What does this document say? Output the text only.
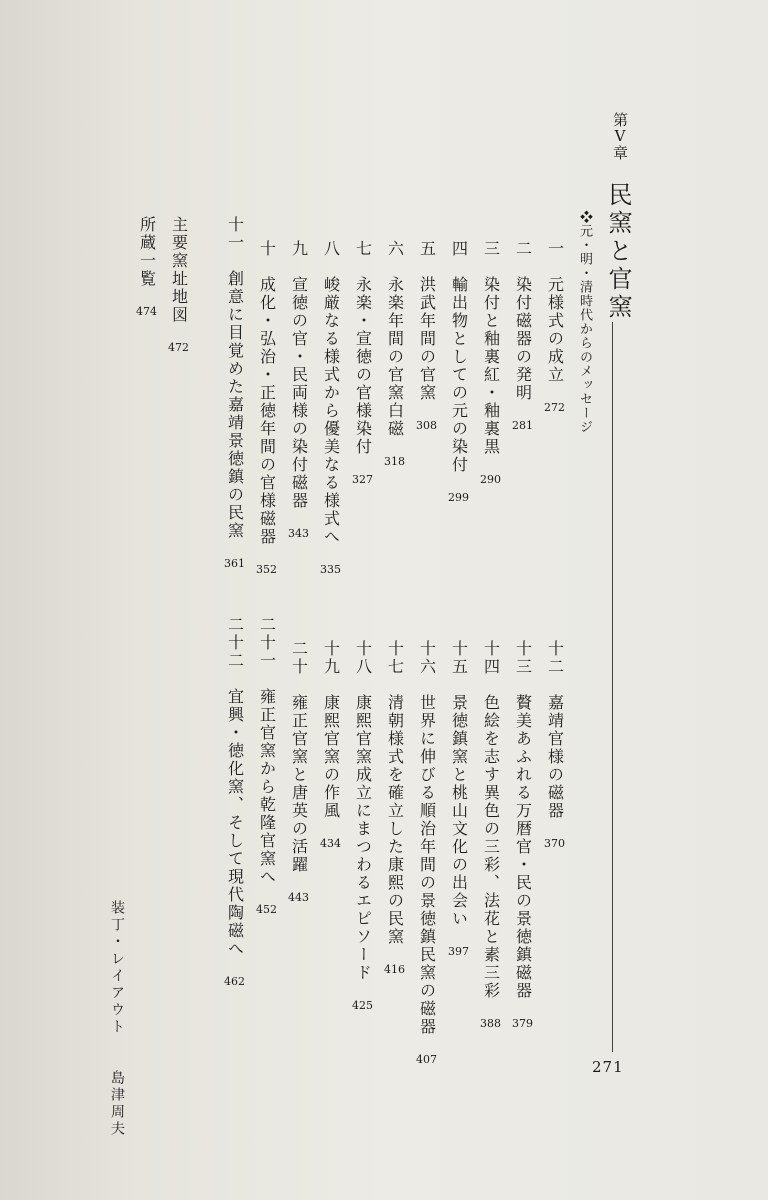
第Ⅴ章
民窯と官窯
❖元・明・清時代からのメッセージ
一　元様式の成立　272
二　染付磁器の発明　281
三　染付と釉裏紅・釉裏黒　290
四　輸出物としての元の染付　299
五　洪武年間の官窯　308
六　永楽年間の官窯白磁　318
七　永楽・宣徳の官様染付　327
八　峻厳なる様式から優美なる様式へ　335
九　宣徳の官・民両様の染付磁器　343
十　成化・弘治・正徳年間の官様磁器　352
十一　創意に目覚めた嘉靖景徳鎮の民窯　361
主要窯址地図　472
所蔵一覧　474
十二　嘉靖官様の磁器　370
十三　贅美あふれる万暦官・民の景徳鎮磁器　379
十四　色絵を志す異色の三彩、法花と素三彩　388
十五　景徳鎮窯と桃山文化の出会い　397
十六　世界に伸びる順治年間の景徳鎮民窯の磁器　407
十七　清朝様式を確立した康熙の民窯　416
十八　康熙官窯成立にまつわるエピソード　425
十九　康熙官窯の作風　434
二十　雍正官窯と唐英の活躍　443
二十一　雍正官窯から乾隆官窯へ　452
二十二　宜興・徳化窯、そして現代陶磁へ　462
271
装丁・レイアウト　　島津周夫
